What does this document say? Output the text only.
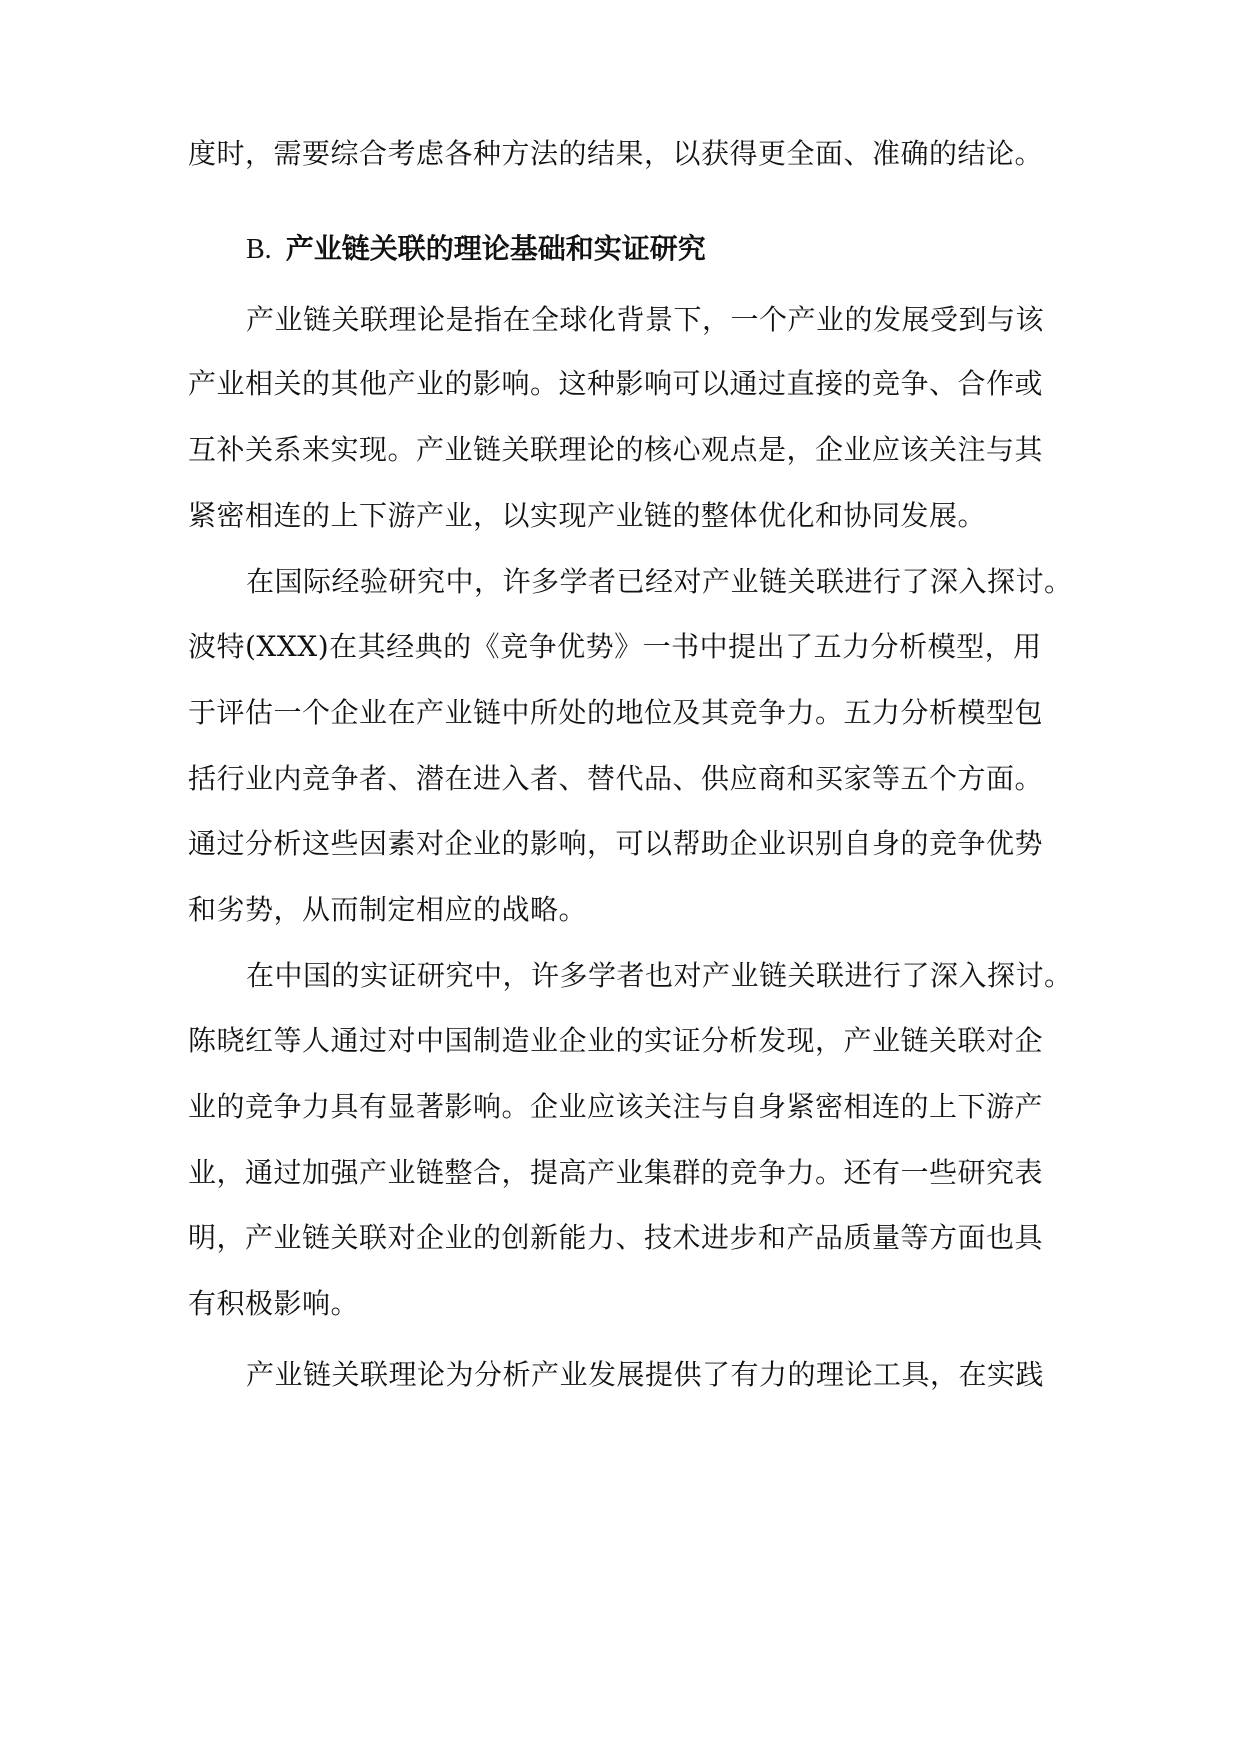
度时，需要综合考虑各种方法的结果，以获得更全面、准确的结论。
B. 产业链关联的理论基础和实证研究
产业链关联理论是指在全球化背景下，一个产业的发展受到与该
产业相关的其他产业的影响。这种影响可以通过直接的竞争、合作或
互补关系来实现。产业链关联理论的核心观点是，企业应该关注与其
紧密相连的上下游产业，以实现产业链的整体优化和协同发展。
在国际经验研究中，许多学者已经对产业链关联进行了深入探讨。
波特(XXX)在其经典的《竞争优势》一书中提出了五力分析模型，用
于评估一个企业在产业链中所处的地位及其竞争力。五力分析模型包
括行业内竞争者、潜在进入者、替代品、供应商和买家等五个方面。
通过分析这些因素对企业的影响，可以帮助企业识别自身的竞争优势
和劣势，从而制定相应的战略。
在中国的实证研究中，许多学者也对产业链关联进行了深入探讨。
陈晓红等人通过对中国制造业企业的实证分析发现，产业链关联对企
业的竞争力具有显著影响。企业应该关注与自身紧密相连的上下游产
业，通过加强产业链整合，提高产业集群的竞争力。还有一些研究表
明，产业链关联对企业的创新能力、技术进步和产品质量等方面也具
有积极影响。
产业链关联理论为分析产业发展提供了有力的理论工具，在实践
